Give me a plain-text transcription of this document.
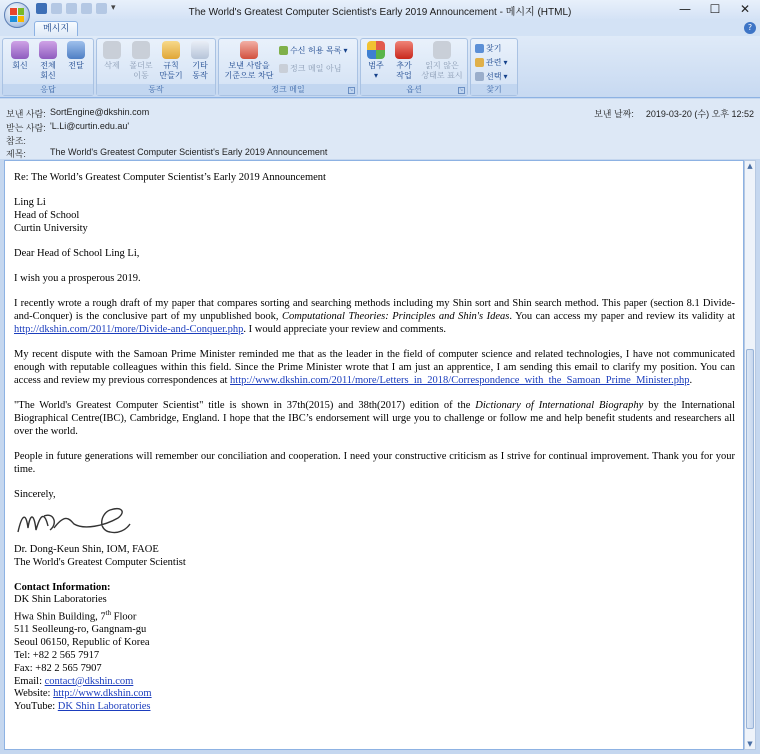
▾	The World's Greatest Computer Scientist's Early 2019 Announcement - 메시지 (HTML)	—	☐	✕
메시지	?
회신	전체
회신
전달
응답
삭제	폴더로
이동
규칙
만들기
기타
동작
동작
보낸 사람을
기준으로 차단
수신 허용 목록 ▾
정크 메일 아님
정크 메일	↘
범주
▾
추가
작업
읽지 않은
상태로 표시
옵션	↘
찾기
관련 ▾
선택 ▾
찾기
보낸 사람: SortEngine@dkshin.com
받는 사람: 'L.Li@curtin.edu.au'
참조:
제목:	The World's Greatest Computer Scientist's Early 2019 Announcement
보낸 날짜: 2019-03-20 (수) 오후 12:52

Re: The World’s Greatest Computer Scientist’s Early 2019 Announcement

Ling Li
Head of School
Curtin University

Dear Head of School Ling Li,

I wish you a prosperous 2019.

I recently wrote a rough draft of my paper that compares sorting and searching methods including my Shin sort and Shin search method. This paper (section 8.1 Divide-and-Conquer) is the conclusive part of my unpublished book, Computational Theories: Principles and Shin's Ideas. You can access my paper and review its validity at http://dkshin.com/2011/more/Divide-and-Conquer.php. I would appreciate your review and comments.

My recent dispute with the Samoan Prime Minister reminded me that as the leader in the field of computer science and related technologies, I have not communicated enough with reputable colleagues within this field. Since the Prime Minister wrote that I am just an apprentice, I am sending this email to clarify my position. You can access and review my previous correspondences at http://www.dkshin.com/2011/more/Letters_in_2018/Correspondence_with_the_Samoan_Prime_Minister.php.

"The World's Greatest Computer Scientist" title is shown in 37th(2015) and 38th(2017) edition of the Dictionary of International Biography by the International Biographical Centre(IBC), Cambridge, England. I hope that the IBC’s endorsement will urge you to challenge or follow me and help benefit students and researchers all over the world.

People in future generations will remember our conciliation and cooperation. I need your constructive criticism as I strive for continual improvement. Thank you for your time.

Sincerely,
Dr. Dong-Keun Shin, IOM, FAOE
The World's Greatest Computer Scientist
Contact Information:
DK Shin Laboratories
Hwa Shin Building, 7th Floor
511 Seolleung-ro, Gangnam-gu
Seoul 06150, Republic of Korea
Tel: +82 2 565 7917
Fax: +82 2 565 7907
Email: contact@dkshin.com
Website: http://www.dkshin.com
YouTube: DK Shin Laboratories
▲
▼
